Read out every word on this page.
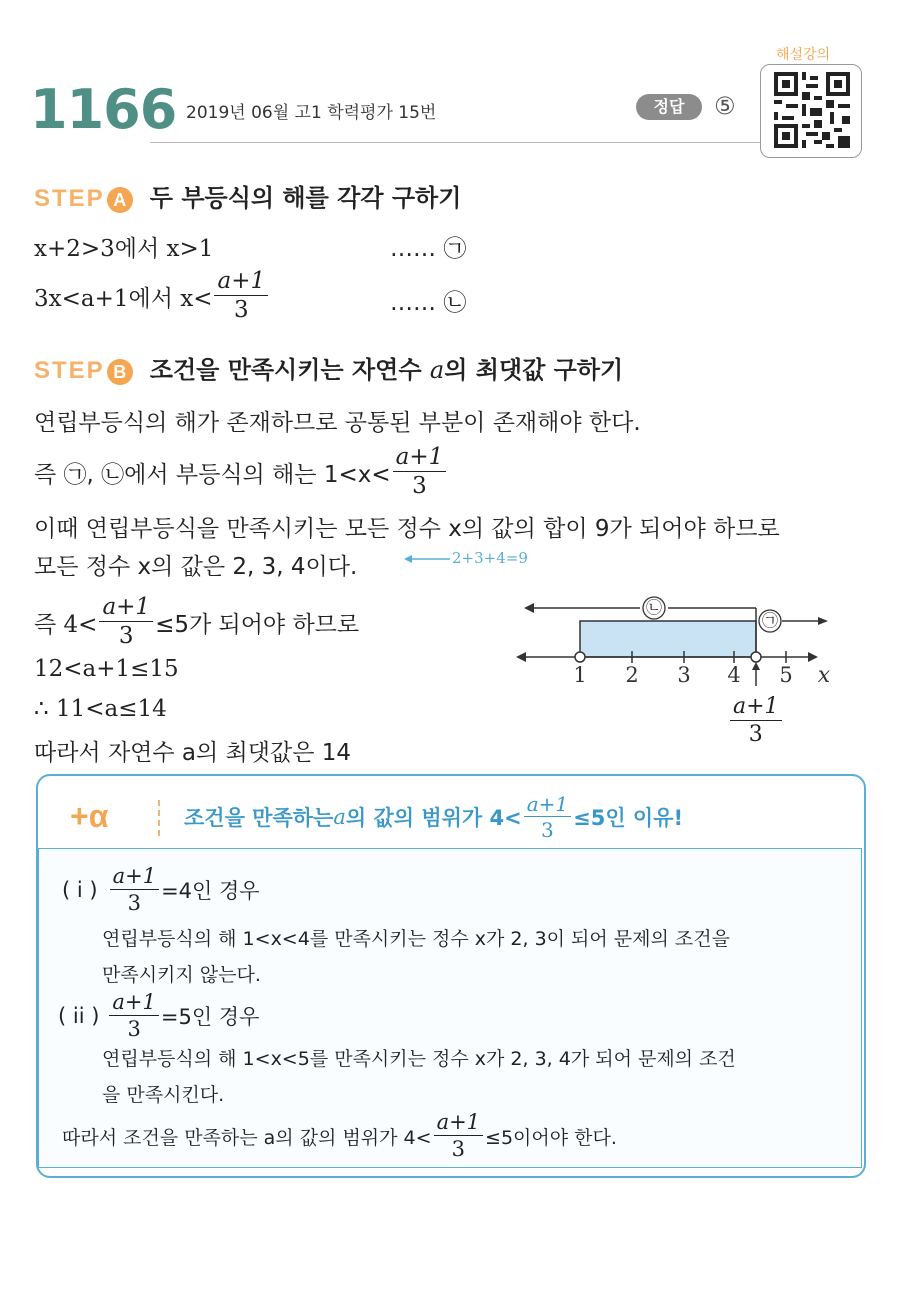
1166 2019년 06월 고1 학력평가 15번	정답	⑤
해설강의
STEP A 두 부등식의 해를 각각 구하기
x+2>3에서 x>1	…… ㉠
3x<a+1에서 $x< \frac{a+1}{3}$	…… ㉡
STEP B 조건을 만족시키는 자연수 a의 최댓값 구하기
연립부등식의 해가 존재하므로 공통된 부분이 존재해야 한다.
즉 ㉠, ㉡에서 부등식의 해는 $1<x< \frac{a+1}{3}$
이때 연립부등식을 만족시키는 모든 정수 x의 값의 합이 9가 되어야 하므로
모든 정수 x의 값은 2, 3, 4이다.	2+3+4=9
즉 $4< \frac{a+1}{3} \le 5$가 되어야 하므로
12<a+1≤15
∴ 11<a≤14
따라서 자연수 a의 최댓값은 14
㉡
㉠
1 2 3 4 5 x
$\frac{a+1}{3}$
+α	조건을 만족하는 a 의 값의 범위가 $4< \frac{a+1}{3} \le 5$인 이유!
( i ) $\frac{a+1}{3} =4$인 경우
연립부등식의 해 1<x<4를 만족시키는 정수 x가 2, 3이 되어 문제의 조건을
만족시키지 않는다.
( ii ) $\frac{a+1}{3} =5$인 경우
연립부등식의 해 1<x<5를 만족시키는 정수 x가 2, 3, 4가 되어 문제의 조건
을 만족시킨다.
따라서 조건을 만족하는 a의 값의 범위가 $4< \frac{a+1}{3} \le 5$이어야 한다.
